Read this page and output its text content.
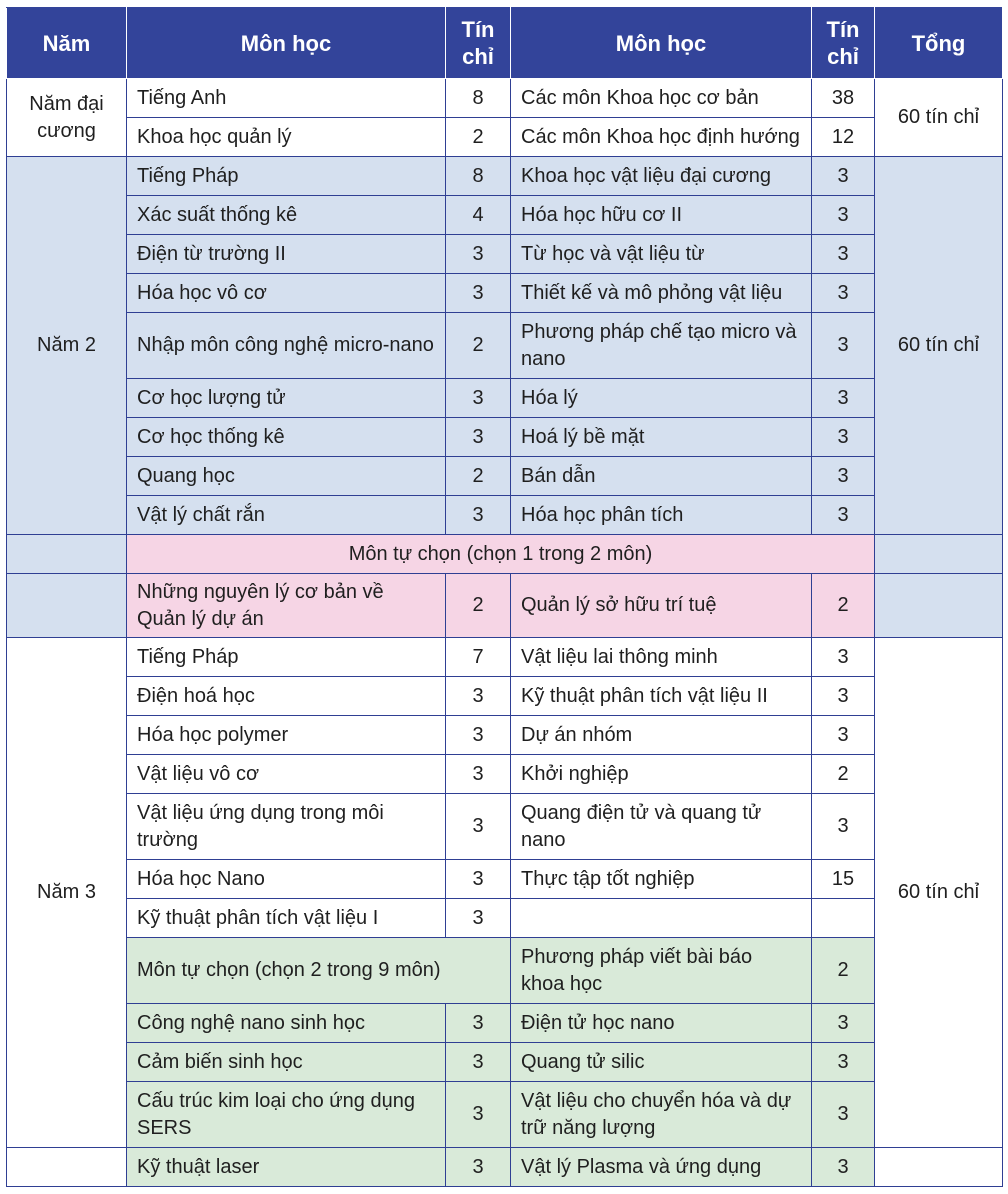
Năm	Môn học	Tín chỉ	Môn học	Tín chỉ	Tổng
Năm đại cương	Tiếng Anh	8	Các môn Khoa học cơ bản	38	60 tín chỉ
	Khoa học quản lý	2	Các môn Khoa học định hướng	12	
Năm 2	Tiếng Pháp	8	Khoa học vật liệu đại cương	3	60 tín chỉ
	Xác suất thống kê	4	Hóa học hữu cơ II	3	
	Điện từ trường II	3	Từ học và vật liệu từ	3	
	Hóa học vô cơ	3	Thiết kế và mô phỏng vật liệu	3	
	Nhập môn công nghệ micro-nano	2	Phương pháp chế tạo micro và nano	3	
	Cơ học lượng tử	3	Hóa lý	3	
	Cơ học thống kê	3	Hoá lý bề mặt	3	
	Quang học	2	Bán dẫn	3	
	Vật lý chất rắn	3	Hóa học phân tích	3	
	Môn tự chọn (chọn 1 trong 2 môn)				
	Những nguyên lý cơ bản về Quản lý dự án	2	Quản lý sở hữu trí tuệ	2	
Năm 3	Tiếng Pháp	7	Vật liệu lai thông minh	3	60 tín chỉ
	Điện hoá học	3	Kỹ thuật phân tích vật liệu II	3	
	Hóa học polymer	3	Dự án nhóm	3	
	Vật liệu vô cơ	3	Khởi nghiệp	2	
	Vật liệu ứng dụng trong môi trường	3	Quang điện tử và quang tử nano	3	
	Hóa học Nano	3	Thực tập tốt nghiệp	15	
	Kỹ thuật phân tích vật liệu I	3			
	Môn tự chọn (chọn 2 trong 9 môn)		Phương pháp viết bài báo khoa học	2	
	Công nghệ nano sinh học	3	Điện tử học nano	3	
	Cảm biến sinh học	3	Quang tử silic	3	
	Cấu trúc kim loại cho ứng dụng SERS	3	Vật liệu cho chuyển hóa và dự trữ năng lượng	3	
	Kỹ thuật laser	3	Vật lý Plasma và ứng dụng	3	
